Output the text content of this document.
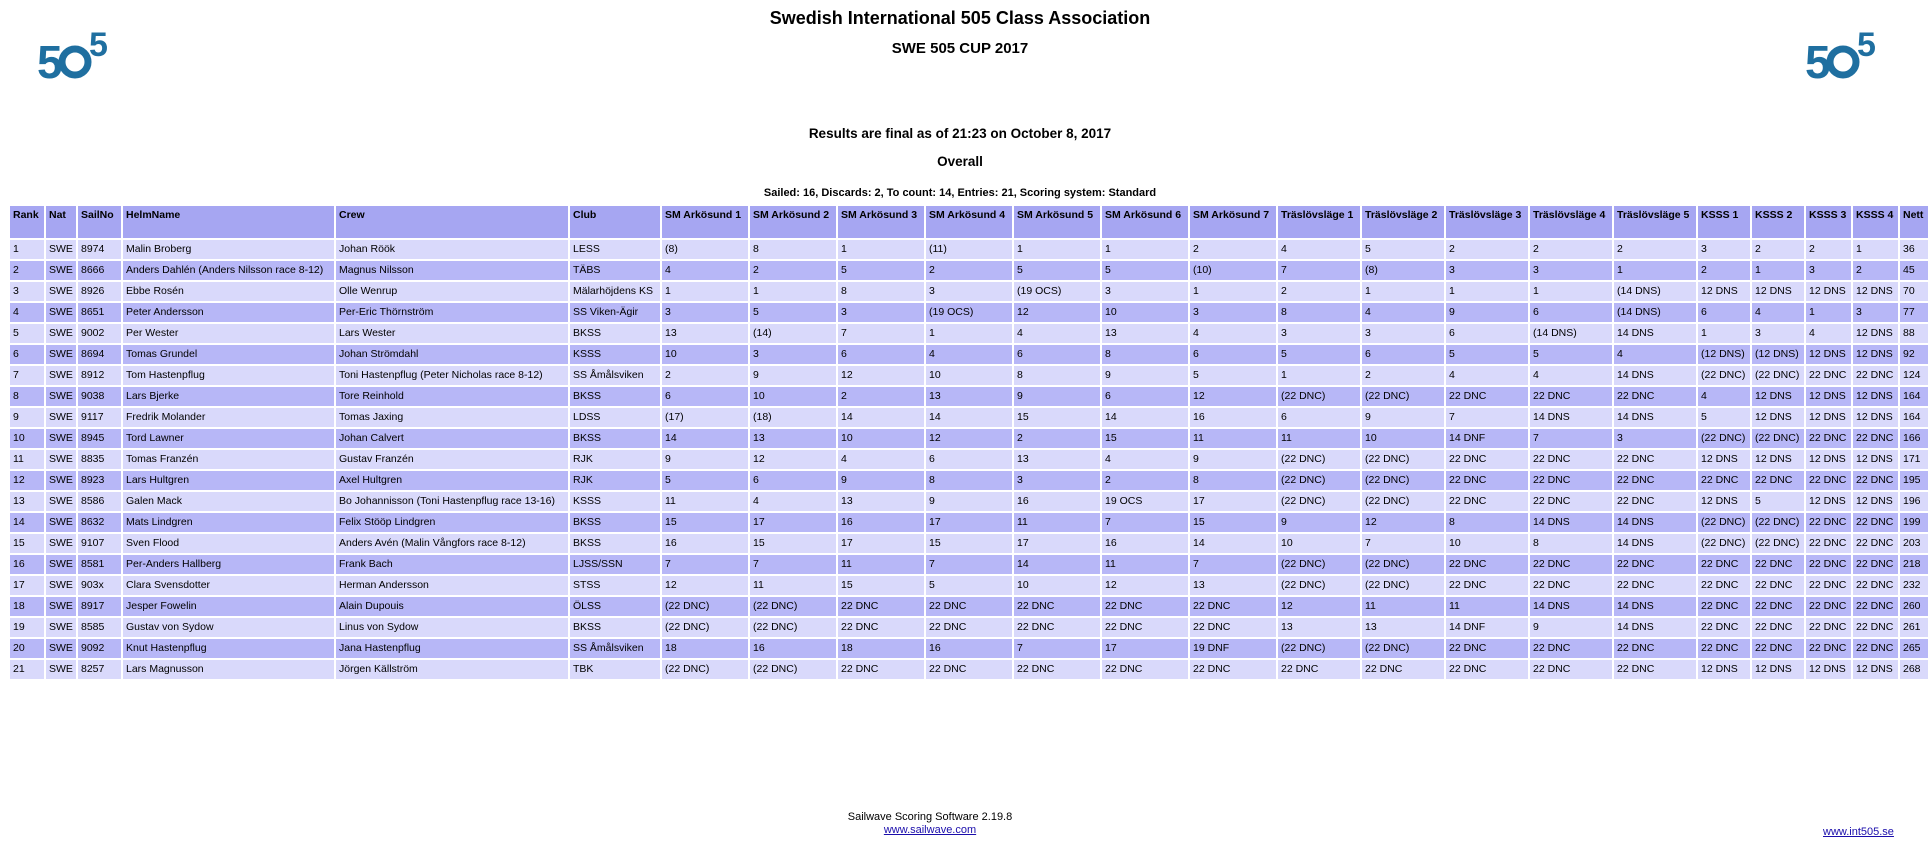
5 5	5 5
Swedish International 505 Class Association
SWE 505 CUP 2017
Results are final as of 21:23 on October 8, 2017
Overall
Sailed: 16, Discards: 2, To count: 14, Entries: 21, Scoring system: Standard
Rank	Nat	SailNo	HelmName	Crew	Club	SM Arkösund 1	SM Arkösund 2	SM Arkösund 3	SM Arkösund 4	SM Arkösund 5	SM Arkösund 6	SM Arkösund 7	Träslövsläge 1	Träslövsläge 2	Träslövsläge 3	Träslövsläge 4	Träslövsläge 5	KSSS 1	KSSS 2	KSSS 3	KSSS 4	Nett
1	SWE	8974	Malin Broberg	Johan Röök	LESS	(8)	8	1	(11)	1	1	2	4	5	2	2	2	3	2	2	1	36
2	SWE	8666	Anders Dahlén (Anders Nilsson race 8-12)	Magnus Nilsson	TÄBS	4	2	5	2	5	5	(10)	7	(8)	3	3	1	2	1	3	2	45
3	SWE	8926	Ebbe Rosén	Olle Wenrup	Mälarhöjdens KS	1	1	8	3	(19 OCS)	3	1	2	1	1	1	(14 DNS)	12 DNS	12 DNS	12 DNS	12 DNS	70
4	SWE	8651	Peter Andersson	Per-Eric Thörnström	SS Viken-Ägir	3	5	3	(19 OCS)	12	10	3	8	4	9	6	(14 DNS)	6	4	1	3	77
5	SWE	9002	Per Wester	Lars Wester	BKSS	13	(14)	7	1	4	13	4	3	3	6	(14 DNS)	14 DNS	1	3	4	12 DNS	88
6	SWE	8694	Tomas Grundel	Johan Strömdahl	KSSS	10	3	6	4	6	8	6	5	6	5	5	4	(12 DNS)	(12 DNS)	12 DNS	12 DNS	92
7	SWE	8912	Tom Hastenpflug	Toni Hastenpflug (Peter Nicholas race 8-12)	SS Åmålsviken	2	9	12	10	8	9	5	1	2	4	4	14 DNS	(22 DNC)	(22 DNC)	22 DNC	22 DNC	124
8	SWE	9038	Lars Bjerke	Tore Reinhold	BKSS	6	10	2	13	9	6	12	(22 DNC)	(22 DNC)	22 DNC	22 DNC	22 DNC	4	12 DNS	12 DNS	12 DNS	164
9	SWE	9117	Fredrik Molander	Tomas Jaxing	LDSS	(17)	(18)	14	14	15	14	16	6	9	7	14 DNS	14 DNS	5	12 DNS	12 DNS	12 DNS	164
10	SWE	8945	Tord Lawner	Johan Calvert	BKSS	14	13	10	12	2	15	11	11	10	14 DNF	7	3	(22 DNC)	(22 DNC)	22 DNC	22 DNC	166
11	SWE	8835	Tomas Franzén	Gustav Franzén	RJK	9	12	4	6	13	4	9	(22 DNC)	(22 DNC)	22 DNC	22 DNC	22 DNC	12 DNS	12 DNS	12 DNS	12 DNS	171
12	SWE	8923	Lars Hultgren	Axel Hultgren	RJK	5	6	9	8	3	2	8	(22 DNC)	(22 DNC)	22 DNC	22 DNC	22 DNC	22 DNC	22 DNC	22 DNC	22 DNC	195
13	SWE	8586	Galen Mack	Bo Johannisson (Toni Hastenpflug race 13-16)	KSSS	11	4	13	9	16	19 OCS	17	(22 DNC)	(22 DNC)	22 DNC	22 DNC	22 DNC	12 DNS	5	12 DNS	12 DNS	196
14	SWE	8632	Mats Lindgren	Felix Stööp Lindgren	BKSS	15	17	16	17	11	7	15	9	12	8	14 DNS	14 DNS	(22 DNC)	(22 DNC)	22 DNC	22 DNC	199
15	SWE	9107	Sven Flood	Anders Avén (Malin Vångfors race 8-12)	BKSS	16	15	17	15	17	16	14	10	7	10	8	14 DNS	(22 DNC)	(22 DNC)	22 DNC	22 DNC	203
16	SWE	8581	Per-Anders Hallberg	Frank Bach	LJSS/SSN	7	7	11	7	14	11	7	(22 DNC)	(22 DNC)	22 DNC	22 DNC	22 DNC	22 DNC	22 DNC	22 DNC	22 DNC	218
17	SWE	903x	Clara Svensdotter	Herman Andersson	STSS	12	11	15	5	10	12	13	(22 DNC)	(22 DNC)	22 DNC	22 DNC	22 DNC	22 DNC	22 DNC	22 DNC	22 DNC	232
18	SWE	8917	Jesper Fowelin	Alain Dupouis	ÖLSS	(22 DNC)	(22 DNC)	22 DNC	22 DNC	22 DNC	22 DNC	22 DNC	12	11	11	14 DNS	14 DNS	22 DNC	22 DNC	22 DNC	22 DNC	260
19	SWE	8585	Gustav von Sydow	Linus von Sydow	BKSS	(22 DNC)	(22 DNC)	22 DNC	22 DNC	22 DNC	22 DNC	22 DNC	13	13	14 DNF	9	14 DNS	22 DNC	22 DNC	22 DNC	22 DNC	261
20	SWE	9092	Knut Hastenpflug	Jana Hastenpflug	SS Åmålsviken	18	16	18	16	7	17	19 DNF	(22 DNC)	(22 DNC)	22 DNC	22 DNC	22 DNC	22 DNC	22 DNC	22 DNC	22 DNC	265
21	SWE	8257	Lars Magnusson	Jörgen Källström	TBK	(22 DNC)	(22 DNC)	22 DNC	22 DNC	22 DNC	22 DNC	22 DNC	22 DNC	22 DNC	22 DNC	22 DNC	22 DNC	12 DNS	12 DNS	12 DNS	12 DNS	268
Sailwave Scoring Software 2.19.8
www.sailwave.com	www.int505.se
